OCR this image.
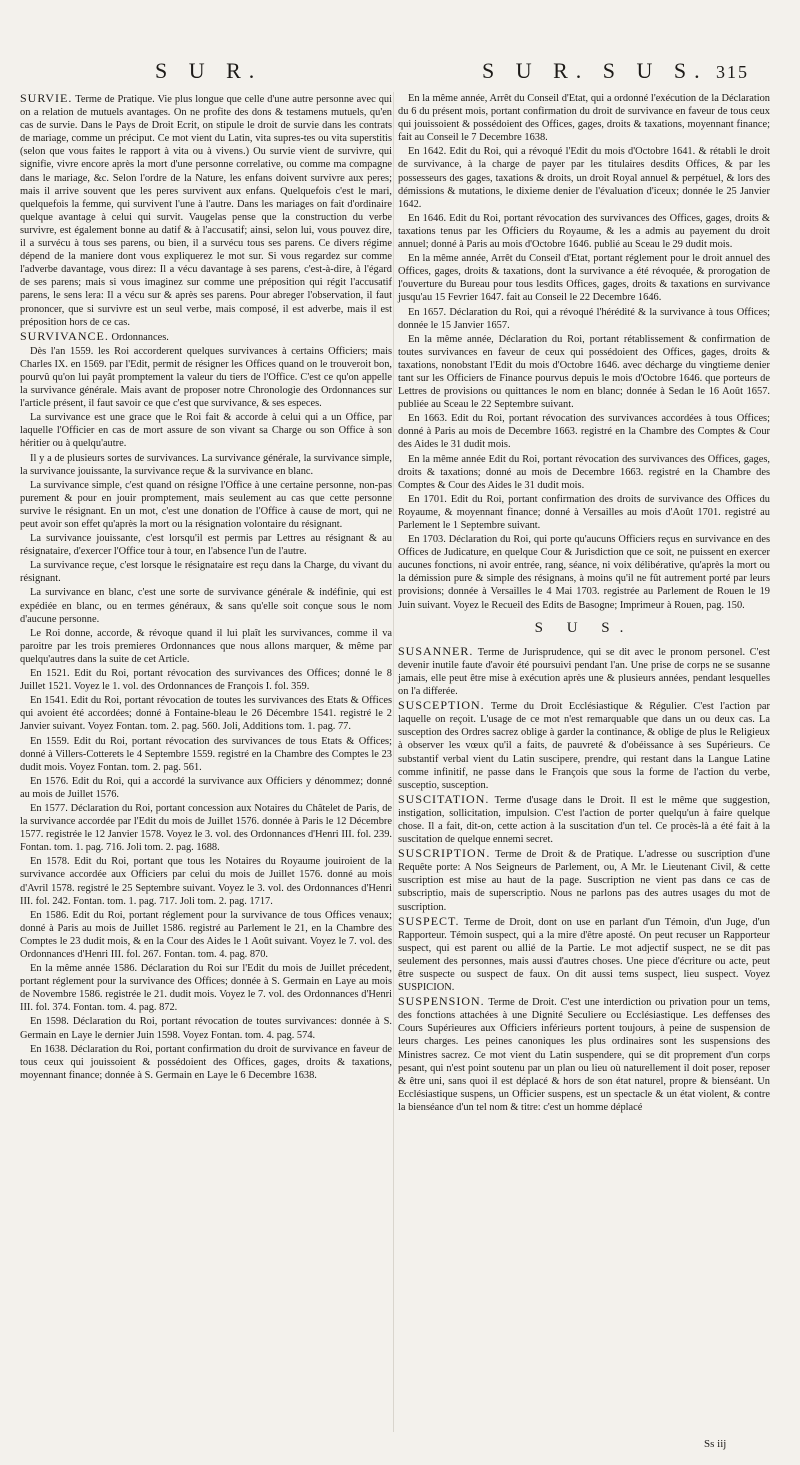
S U R.	S U R. S U S. 315

SURVIE. Terme de Pratique. Vie plus longue que celle d'une autre personne avec qui on a relation de mutuels avantages. On ne profite des dons & testamens mutuels, qu'en cas de survie. Dans le Pays de Droit Ecrit, on stipule le droit de survie dans les contrats de mariage, comme un préciput. Ce mot vient du Latin, vita supres-tes ou vita superstitis (selon que vous faites le rapport à vita ou à vivens.) Ou survie vient de survivre, qui signifie, vivre encore après la mort d'une personne correlative, ou comme ma compagne dans le mariage, &c. Selon l'ordre de la Nature, les enfans doivent survivre aux peres; mais il arrive souvent que les peres survivent aux enfans. Quelquefois c'est le mari, quelquefois la femme, qui survivent l'une à l'autre. Dans les mariages on fait d'ordinaire quelque avantage à celui qui survit. Vaugelas pense que la construction du verbe survivre, est également bonne au datif & à l'accusatif; ainsi, selon lui, vous pouvez dire, il a survécu à tous ses parens, ou bien, il a survécu tous ses parens. Ce divers régime dépend de la maniere dont vous expliquerez le mot sur. Si vous regardez sur comme l'adverbe davantage, vous direz: Il a vécu davantage à ses parens, c'est-à-dire, à l'égard de ses parens; mais si vous imaginez sur comme une préposition qui régit l'accusatif parens, le sens lera: Il a vécu sur & après ses parens. Pour abreger l'observation, il faut prononcer, que si survivre est un seul verbe, mais composé, il est adverbe, mais il est préposition hors de ce cas.

SURVIVANCE. Ordonnances.

Dès l'an 1559. les Roi accorderent quelques survivances à certains Officiers; mais Charles IX. en 1569. par l'Edit, permit de résigner les Offices quand on le trouveroit bon, pourvû qu'on lui payât promptement la valeur du tiers de l'Office. C'est ce qu'on appelle la survivance générale. Mais avant de proposer notre Chronologie des Ordonnances sur l'article présent, il faut savoir ce que c'est que survivance, & ses especes.

La survivance est une grace que le Roi fait & accorde à celui qui a un Office, par laquelle l'Officier en cas de mort assure de son vivant sa Charge ou son Office à son héritier ou à quelqu'autre.

Il y a de plusieurs sortes de survivances. La survivance générale, la survivance simple, la survivance jouissante, la survivance reçue & la survivance en blanc.

La survivance simple, c'est quand on résigne l'Office à une certaine personne, non-pas purement & pour en jouir promptement, mais seulement au cas que cette personne survive le résignant. En un mot, c'est une donation de l'Office à cause de mort, qui ne peut avoir son effet qu'après la mort ou la résignation volontaire du résignant.

La survivance jouissante, c'est lorsqu'il est permis par Lettres au résignant & au résignataire, d'exercer l'Office tour à tour, en l'absence l'un de l'autre.

La survivance reçue, c'est lorsque le résignataire est reçu dans la Charge, du vivant du résignant.

La survivance en blanc, c'est une sorte de survivance générale & indéfinie, qui est expédiée en blanc, ou en termes généraux, & sans qu'elle soit conçue sous le nom d'aucune personne.

Le Roi donne, accorde, & révoque quand il lui plaît les survivances, comme il va paroitre par les trois premieres Ordonnances que nous allons marquer, & même par quelqu'autres dans la suite de cet Article.

En 1521. Edit du Roi, portant révocation des survivances des Offices; donné le 8 Juillet 1521. Voyez le 1. vol. des Ordonnances de François I. fol. 359.

En 1541. Edit du Roi, portant révocation de toutes les survivances des Etats & Offices qui avoient été accordées; donné à Fontaine-bleau le 26 Décembre 1541. registré le 2 Janvier suivant. Voyez Fontan. tom. 2. pag. 560. Joli, Additions tom. 1. pag. 77.

En 1559. Edit du Roi, portant révocation des survivances de tous Etats & Offices; donné à Villers-Cotterets le 4 Septembre 1559. registré en la Chambre des Comptes le 23 dudit mois. Voyez Fontan. tom. 2. pag. 561.

En 1576. Edit du Roi, qui a accordé la survivance aux Officiers y dénommez; donné au mois de Juillet 1576.

En 1577. Déclaration du Roi, portant concession aux Notaires du Châtelet de Paris, de la survivance accordée par l'Edit du mois de Juillet 1576. donnée à Paris le 12 Décembre 1577. registrée le 12 Janvier 1578. Voyez le 3. vol. des Ordonnances d'Henri III. fol. 239. Fontan. tom. 1. pag. 716. Joli tom. 2. pag. 1688.

En 1578. Edit du Roi, portant que tous les Notaires du Royaume jouiroient de la survivance accordée aux Officiers par celui du mois de Juillet 1576. donné au mois d'Avril 1578. registré le 25 Septembre suivant. Voyez le 3. vol. des Ordonnances d'Henri III. fol. 242. Fontan. tom. 1. pag. 717. Joli tom. 2. pag. 1717.

En 1586. Edit du Roi, portant réglement pour la survivance de tous Offices venaux; donné à Paris au mois de Juillet 1586. registré au Parlement le 21, en la Chambre des Comptes le 23 dudit mois, & en la Cour des Aides le 1 Août suivant. Voyez le 7. vol. des Ordonnances d'Henri III. fol. 267. Fontan. tom. 4. pag. 870.

En la même année 1586. Déclaration du Roi sur l'Edit du mois de Juillet précedent, portant réglement pour la survivance des Offices; donnée à S. Germain en Laye au mois de Novembre 1586. registrée le 21. dudit mois. Voyez le 7. vol. des Ordonnances d'Henri III. fol. 374. Fontan. tom. 4. pag. 872.

En 1598. Déclaration du Roi, portant révocation de toutes survivances: donnée à S. Germain en Laye le dernier Juin 1598. Voyez Fontan. tom. 4. pag. 574.

En 1638. Déclaration du Roi, portant confirmation du droit de survivance en faveur de tous ceux qui jouissoient & possédoient des Offices, gages, droits & taxations, moyennant finance; donnée à S. Germain en Laye le 6 Decembre 1638.

En la même année, Arrêt du Conseil d'Etat, qui a ordonné l'exécution de la Déclaration du 6 du présent mois, portant confirmation du droit de survivance en faveur de tous ceux qui jouissoient & possédoient des Offices, gages, droits & taxations, moyennant finance; fait au Conseil le 7 Decembre 1638.

En 1642. Edit du Roi, qui a révoqué l'Edit du mois d'Octobre 1641. & rétabli le droit de survivance, à la charge de payer par les titulaires desdits Offices, & par les possesseurs des gages, taxations & droits, un droit Royal annuel & perpétuel, & lors des démissions & mutations, le dixieme denier de l'évaluation d'iceux; donnée le 25 Janvier 1642.

En 1646. Edit du Roi, portant révocation des survivances des Offices, gages, droits & taxations tenus par les Officiers du Royaume, & les a admis au payement du droit annuel; donné à Paris au mois d'Octobre 1646. publié au Sceau le 29 dudit mois.

En la même année, Arrêt du Conseil d'Etat, portant réglement pour le droit annuel des Offices, gages, droits & taxations, dont la survivance a été révoquée, & prorogation de l'ouverture du Bureau pour tous lesdits Offices, gages, droits & taxations en survivance jusqu'au 15 Fevrier 1647. fait au Conseil le 22 Decembre 1646.

En 1657. Déclaration du Roi, qui a révoqué l'hérédité & la survivance à tous Offices; donnée le 15 Janvier 1657.

En la même année, Déclaration du Roi, portant rétablissement & confirmation de toutes survivances en faveur de ceux qui possédoient des Offices, gages, droits & taxations, nonobstant l'Edit du mois d'Octobre 1646. avec décharge du vingtieme denier tant sur les Officiers de Finance pourvus depuis le mois d'Octobre 1646. que porteurs de Lettres de provisions ou quittances le nom en blanc; donnée à Sedan le 16 Août 1657. publiée au Sceau le 22 Septembre suivant.

En 1663. Edit du Roi, portant révocation des survivances accordées à tous Offices; donné à Paris au mois de Decembre 1663. registré en la Chambre des Comptes & Cour des Aides le 31 dudit mois.

En la même année Edit du Roi, portant révocation des survivances des Offices, gages, droits & taxations; donné au mois de Decembre 1663. registré en la Chambre des Comptes & Cour des Aides le 31 dudit mois.

En 1701. Edit du Roi, portant confirmation des droits de survivance des Offices du Royaume, & moyennant finance; donné à Versailles au mois d'Août 1701. registré au Parlement le 1 Septembre suivant.

En 1703. Déclaration du Roi, qui porte qu'aucuns Officiers reçus en survivance en des Offices de Judicature, en quelque Cour & Jurisdiction que ce soit, ne puissent en exercer aucunes fonctions, ni avoir entrée, rang, séance, ni voix délibérative, qu'après la mort ou la démission pure & simple des résignans, à moins qu'il ne fût autrement porté par leurs provisions; donnée à Versailles le 4 Mai 1703. registrée au Parlement de Rouen le 19 Juin suivant. Voyez le Recueil des Edits de Basogne; Imprimeur à Rouen, pag. 150.

S U S.

SUSANNER. Terme de Jurisprudence, qui se dit avec le pronom personel. C'est devenir inutile faute d'avoir été poursuivi pendant l'an. Une prise de corps ne se susanne jamais, elle peut être mise à exécution après une & plusieurs années, pendant lesquelles on l'a differée.

SUSCEPTION. Terme du Droit Ecclésiastique & Régulier. C'est l'action par laquelle on reçoit. L'usage de ce mot n'est remarquable que dans un ou deux cas. La susception des Ordres sacrez oblige à garder la continance, & oblige de plus le Religieux à observer les vœux qu'il a faits, de pauvreté & d'obéissance à ses Supérieurs. Ce substantif verbal vient du Latin suscipere, prendre, qui restant dans la Langue Latine comme infinitif, ne passe dans le François que sous la forme de l'action du verbe, susceptio, susception.

SUSCITATION. Terme d'usage dans le Droit. Il est le même que suggestion, instigation, sollicitation, impulsion. C'est l'action de porter quelqu'un à faire quelque chose. Il a fait, dit-on, cette action à la suscitation d'un tel. Ce procès-là a été fait à la suscitation de quelque ennemi secret.

SUSCRIPTION. Terme de Droit & de Pratique. L'adresse ou suscription d'une Requête porte: A Nos Seigneurs de Parlement, ou, A Mr. le Lieutenant Civil, & cette suscription est mise au haut de la page. Suscription ne vient pas dans ce cas de subscriptio, mais de superscriptio. Nous ne parlons pas des autres usages du mot de suscription.

SUSPECT. Terme de Droit, dont on use en parlant d'un Témoin, d'un Juge, d'un Rapporteur. Témoin suspect, qui a la mire d'être aposté. On peut recuser un Rapporteur suspect, qui est parent ou allié de la Partie. Le mot adjectif suspect, ne se dit pas seulement des personnes, mais aussi d'autres choses. Une piece d'écriture ou acte, peut être suspecte ou suspect de faux. On dit aussi tems suspect, lieu suspect. Voyez SUSPICION.

SUSPENSION. Terme de Droit. C'est une interdiction ou privation pour un tems, des fonctions attachées à une Dignité Seculiere ou Ecclésiastique. Les deffenses des Cours Supérieures aux Officiers inférieurs portent toujours, à peine de suspension de leurs charges. Les peines canoniques les plus ordinaires sont les suspensions des Ministres sacrez. Ce mot vient du Latin suspendere, qui se dit proprement d'un corps pesant, qui n'est point soutenu par un plan ou lieu où naturellement il doit poser, reposer & être uni, sans quoi il est déplacé & hors de son état naturel, propre & bienséant. Un Ecclésiastique suspens, un Officier suspens, est un spectacle & un état violent, & contre la bienséance d'un tel nom & titre: c'est un homme déplacé

Ss iij
